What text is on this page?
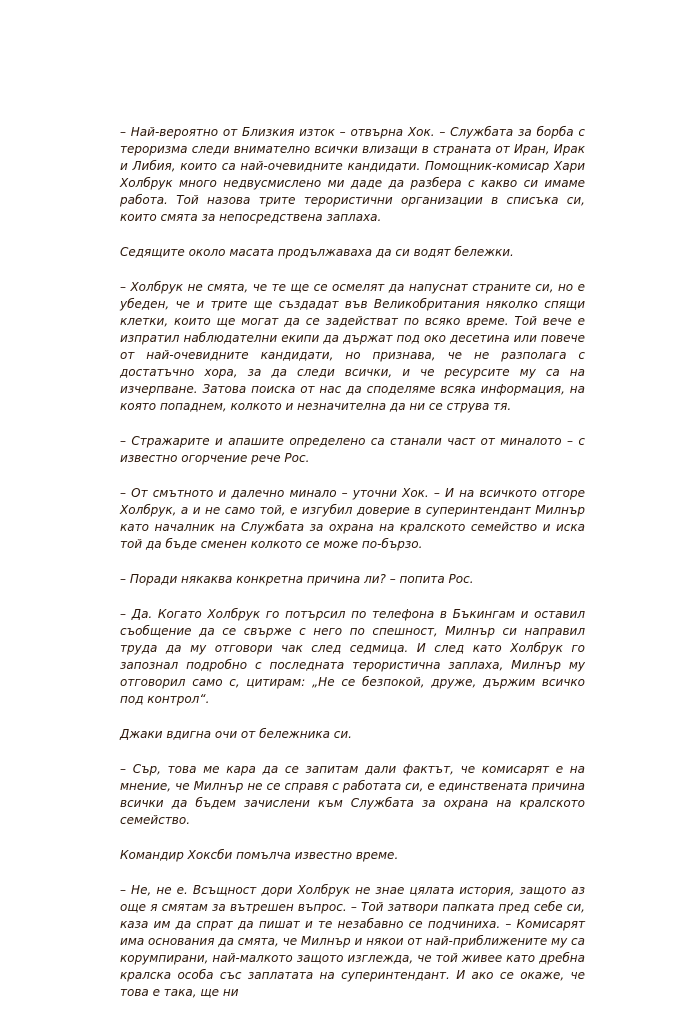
– Най-вероятно от Близкия изток – отвърна Хок. – Службата за борба с тероризма следи внимателно всички влизащи в страната от Иран, Ирак и Либия, които са най-очевидните кандидати. Помощник-комисар Хари Холбрук много недвусмислено ми даде да разбера с какво си имаме работа. Той назова трите терористични организации в списъка си, които смята за непосредствена заплаха.

Седящите около масата продължаваха да си водят бележки.

– Холбрук не смята, че те ще се осмелят да напуснат страните си, но е убеден, че и трите ще създадат във Великобритания няколко спящи клетки, които ще могат да се задействат по всяко време. Той вече е изпратил наблюдателни екипи да държат под око десетина или повече от най-очевидните кандидати, но признава, че не разполага с достатъчно хора, за да следи всички, и че ресурсите му са на изчерпване. Затова поиска от нас да споделяме всяка информация, на която попаднем, колкото и незначителна да ни се струва тя.

– Стражарите и апашите определено са станали част от миналото – с известно огорчение рече Рос.

– От смътното и далечно минало – уточни Хок. – И на всичкото отгоре Холбрук, а и не само той, е изгубил доверие в суперинтендант Милнър като началник на Службата за охрана на кралското семейство и иска той да бъде сменен колкото се може по-бързо.

– Поради някаква конкретна причина ли? – попита Рос.

– Да. Когато Холбрук го потърсил по телефона в Бъкингам и оставил съобщение да се свърже с него по спешност, Милнър си направил труда да му отговори чак след седмица. И след като Холбрук го запознал подробно с последната терористична заплаха, Милнър му отговорил само с, цитирам: „Не се безпокой, друже, държим всичко под контрол“.

Джаки вдигна очи от бележника си.

– Сър, това ме кара да се запитам дали фактът, че комисарят е на мнение, че Милнър не се справя с работата си, е единствената причина всички да бъдем зачислени към Службата за охрана на кралското семейство.

Командир Хоксби помълча известно време.

– Не, не е. Всъщност дори Холбрук не знае цялата история, защото аз още я смятам за вътрешен въпрос. – Той затвори папката пред себе си, каза им да спрат да пишат и те незабавно се подчиниха. – Комисарят има основания да смята, че Милнър и някои от най-приближените му са корумпирани, най-малкото защото изглежда, че той живее като дребна кралска особа със заплатата на суперинтендант. И ако се окаже, че това е така, ще ни
